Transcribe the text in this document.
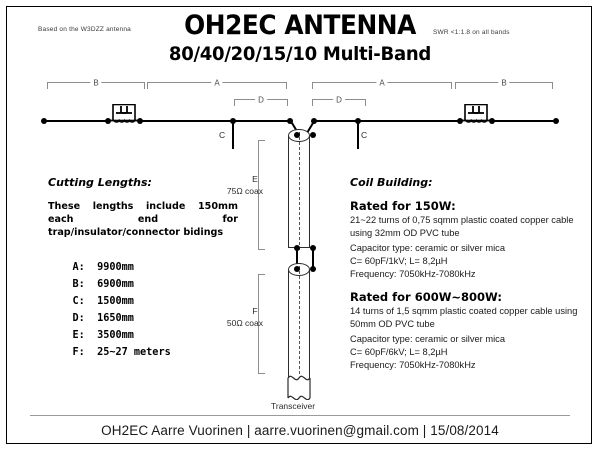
Based on the W3DZZ antenna	OH2EC ANTENNA
80/40/20/15/10 Multi-Band
SWR <1:1.8 on all bands
B	A	A	B
D	D
C	C
E
75Ω coax
F
50Ω coax
Transceiver
Cutting Lengths:
These lengths include 150mm each end for trap/insulator/connector bidings

A: 9900mm

B: 6900mm

C: 1500mm

D: 1650mm

E: 3500mm

F: 25~27 meters

Coil Building:
Rated for 150W:
21~22 turns of 0,75 sqmm plastic coated copper cable using 32mm OD PVC tube
Capacitor type: ceramic or silver mica
C= 60pF/1kV; L= 8,2µH
Frequency: 7050kHz-7080kHz
Rated for 600W~800W:
14 turns of 1,5 sqmm plastic coated copper cable using 50mm OD PVC tube
Capacitor type: ceramic or silver mica
C= 60pF/6kV; L= 8,2µH
Frequency: 7050kHz-7080kHz
OH2EC Aarre Vuorinen | aarre.vuorinen@gmail.com | 15/08/2014
